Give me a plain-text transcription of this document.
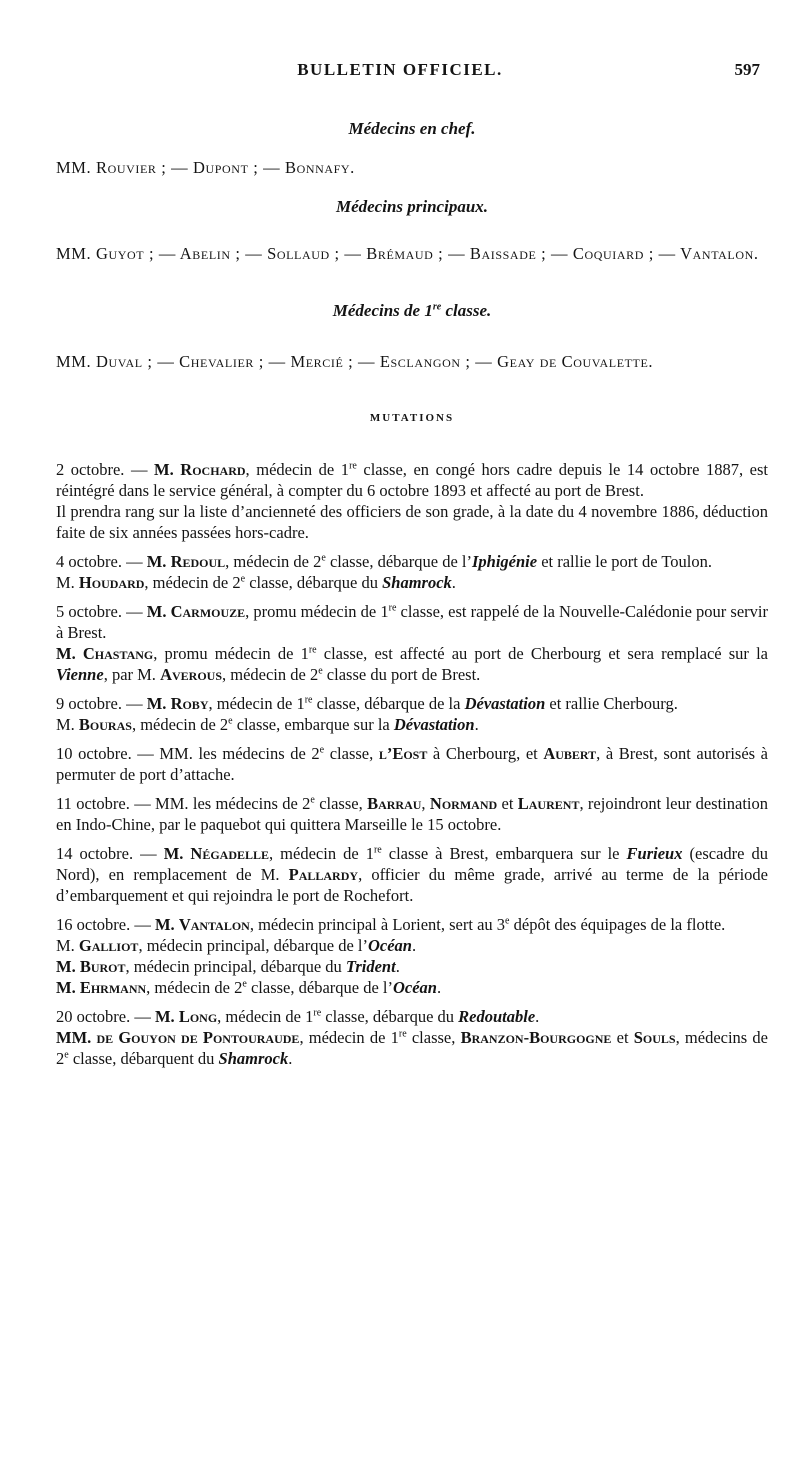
BULLETIN OFFICIEL.	597

Médecins en chef.

MM. Rouvier ; — Dupont ; — Bonnafy.

Médecins principaux.

MM. Guyot ; — Abelin ; — Sollaud ; — Brémaud ; — Baissade ; — Coquiard ; — Vantalon.

Médecins de 1re classe.

MM. Duval ; — Chevalier ; — Mercié ; — Esclangon ; — Geay de Couvalette.

MUTATIONS

2 octobre. — M. Rochard, médecin de 1re classe, en congé hors cadre depuis le 14 octobre 1887, est réintégré dans le service général, à compter du 6 octobre 1893 et affecté au port de Brest.

Il prendra rang sur la liste d’ancienneté des officiers de son grade, à la date du 4 novembre 1886, déduction faite de six années passées hors-cadre.

4 octobre. — M. Redoul, médecin de 2e classe, débarque de l’Iphigénie et rallie le port de Toulon.

M. Houdard, médecin de 2e classe, débarque du Shamrock.

5 octobre. — M. Carmouze, promu médecin de 1re classe, est rappelé de la Nouvelle-Calédonie pour servir à Brest.

M. Chastang, promu médecin de 1re classe, est affecté au port de Cherbourg et sera remplacé sur la Vienne, par M. Averous, médecin de 2e classe du port de Brest.

9 octobre. — M. Roby, médecin de 1re classe, débarque de la Dévastation et rallie Cherbourg.

M. Bouras, médecin de 2e classe, embarque sur la Dévastation.

10 octobre. — MM. les médecins de 2e classe, l’Eost à Cherbourg, et Aubert, à Brest, sont autorisés à permuter de port d’attache.

11 octobre. — MM. les médecins de 2e classe, Barrau, Normand et Laurent, rejoindront leur destination en Indo-Chine, par le paquebot qui quittera Marseille le 15 octobre.

14 octobre. — M. Négadelle, médecin de 1re classe à Brest, embarquera sur le Furieux (escadre du Nord), en remplacement de M. Pallardy, officier du même grade, arrivé au terme de la période d’embarquement et qui rejoindra le port de Rochefort.

16 octobre. — M. Vantalon, médecin principal à Lorient, sert au 3e dépôt des équipages de la flotte.

M. Galliot, médecin principal, débarque de l’Océan.

M. Burot, médecin principal, débarque du Trident.

M. Ehrmann, médecin de 2e classe, débarque de l’Océan.

20 octobre. — M. Long, médecin de 1re classe, débarque du Redoutable.

MM. de Gouyon de Pontouraude, médecin de 1re classe, Branzon-Bourgogne et Souls, médecins de 2e classe, débarquent du Shamrock.
